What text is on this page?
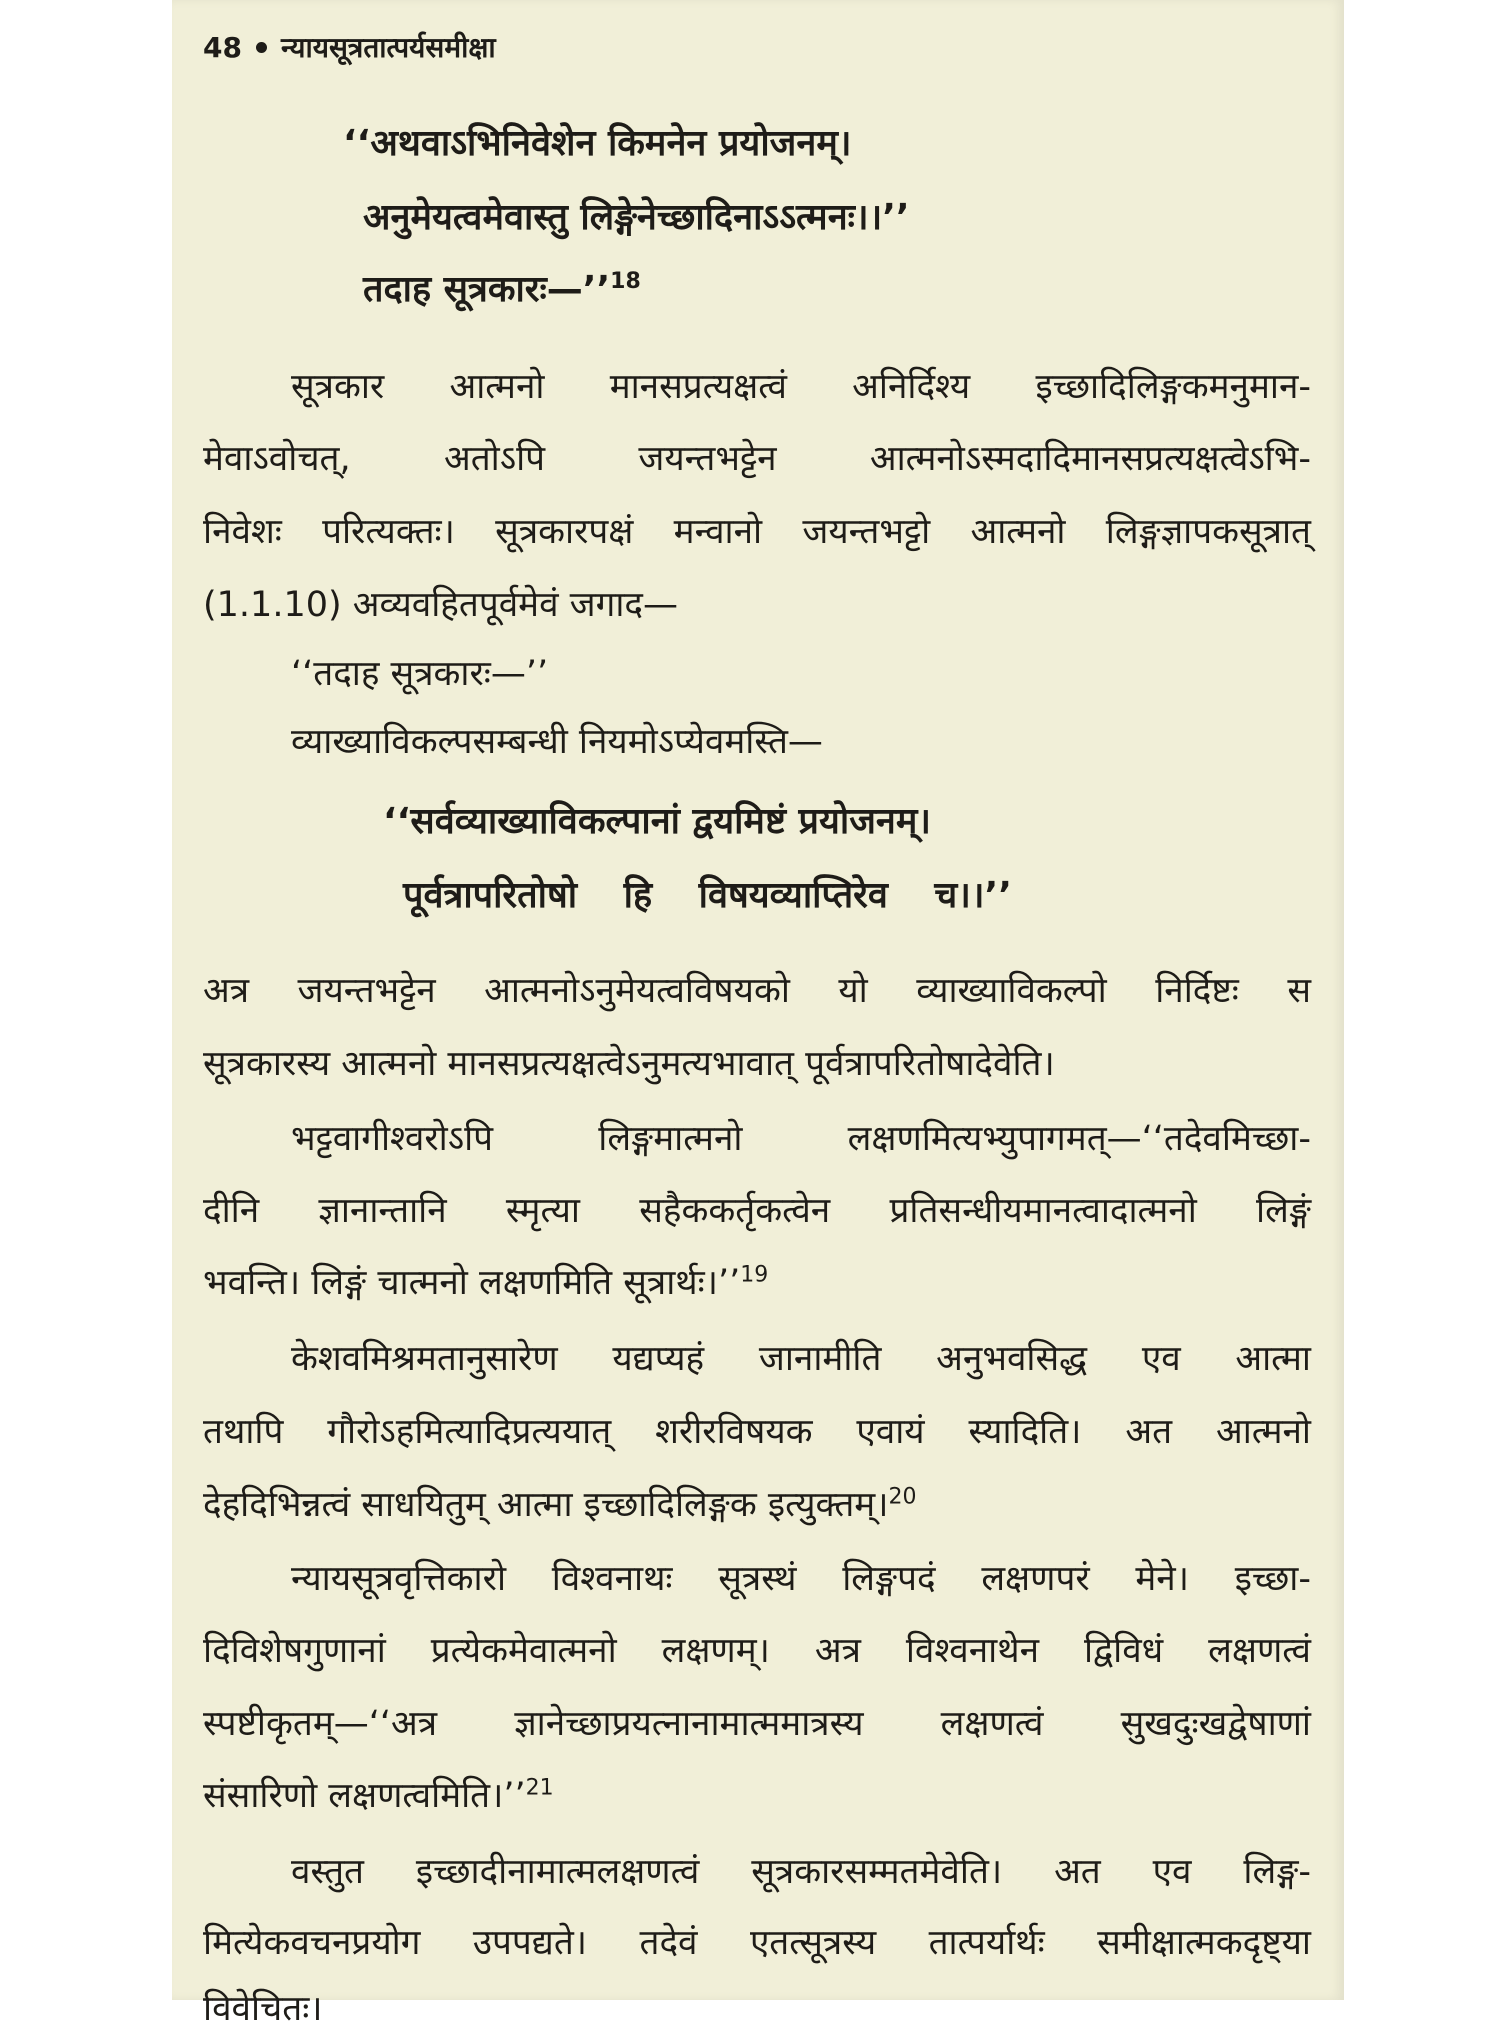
48 न्यायसूत्रतात्पर्यसमीक्षा
‘‘अथवाऽभिनिवेशेन किमनेन प्रयोजनम्।
अनुमेयत्वमेवास्तु लिङ्गेनेच्छादिनाऽऽत्मनः।।’’
तदाह सूत्रकारः—’’$^{18}$
सूत्रकार आत्मनो मानसप्रत्यक्षत्वं अनिर्दिश्य इच्छादिलिङ्गकमनुमान-
मेवाऽवोचत्, अतोऽपि जयन्तभट्टेन आत्मनोऽस्मदादिमानसप्रत्यक्षत्वेऽभि-
निवेशः परित्यक्तः। सूत्रकारपक्षं मन्वानो जयन्तभट्टो आत्मनो लिङ्गज्ञापकसूत्रात्
(1.1.10) अव्यवहितपूर्वमेवं जगाद—
‘‘तदाह सूत्रकारः—’’
व्याख्याविकल्पसम्बन्धी नियमोऽप्येवमस्ति—
‘‘सर्वव्याख्याविकल्पानां द्वयमिष्टं प्रयोजनम्।
पूर्वत्रापरितोषो हि विषयव्याप्तिरेव च।।’’
अत्र जयन्तभट्टेन आत्मनोऽनुमेयत्वविषयको यो व्याख्याविकल्पो निर्दिष्टः स
सूत्रकारस्य आत्मनो मानसप्रत्यक्षत्वेऽनुमत्यभावात् पूर्वत्रापरितोषादेवेति।
भट्टवागीश्वरोऽपि लिङ्गमात्मनो लक्षणमित्यभ्युपागमत्—‘‘तदेवमिच्छा-
दीनि ज्ञानान्तानि स्मृत्या सहैककर्तृकत्वेन प्रतिसन्धीयमानत्वादात्मनो लिङ्गं
भवन्ति। लिङ्गं चात्मनो लक्षणमिति सूत्रार्थः।’’$^{19}$
केशवमिश्रमतानुसारेण यद्यप्यहं जानामीति अनुभवसिद्ध एव आत्मा
तथापि गौरोऽहमित्यादिप्रत्ययात् शरीरविषयक एवायं स्यादिति। अत आत्मनो
देहदिभिन्नत्वं साधयितुम् आत्मा इच्छादिलिङ्गक इत्युक्तम्।$^{20}$
न्यायसूत्रवृत्तिकारो विश्वनाथः सूत्रस्थं लिङ्गपदं लक्षणपरं मेने। इच्छा-
दिविशेषगुणानां प्रत्येकमेवात्मनो लक्षणम्। अत्र विश्वनाथेन द्विविधं लक्षणत्वं
स्पष्टीकृतम्—‘‘अत्र ज्ञानेच्छाप्रयत्नानामात्ममात्रस्य लक्षणत्वं सुखदुःखद्वेषाणां
संसारिणो लक्षणत्वमिति।’’$^{21}$
वस्तुत इच्छादीनामात्मलक्षणत्वं सूत्रकारसम्मतमेवेति। अत एव लिङ्ग-
मित्येकवचनप्रयोग उपपद्यते। तदेवं एतत्सूत्रस्य तात्पर्यार्थः समीक्षात्मकदृष्ट्या
विवेचितः।
